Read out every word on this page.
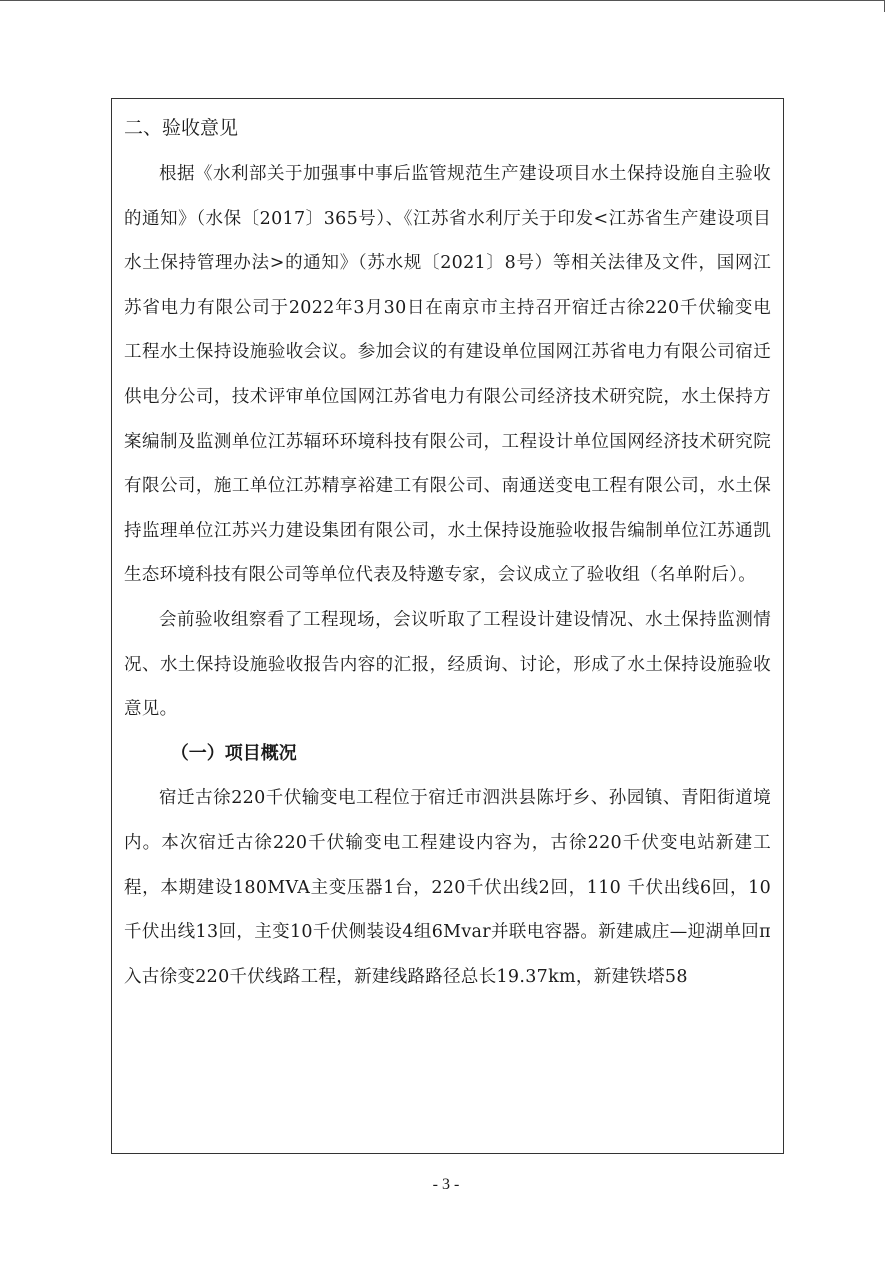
二、验收意见

根据《水利部关于加强事中事后监管规范生产建设项目水土保持设施自主验收的通知》（水保〔2017〕365号）、《江苏省水利厅关于印发<江苏省生产建设项目水土保持管理办法>的通知》（苏水规〔2021〕8号）等相关法律及文件，国网江苏省电力有限公司于2022年3月30日在南京市主持召开宿迁古徐220千伏输变电工程水土保持设施验收会议。参加会议的有建设单位国网江苏省电力有限公司宿迁供电分公司，技术评审单位国网江苏省电力有限公司经济技术研究院，水土保持方案编制及监测单位江苏辐环环境科技有限公司，工程设计单位国网经济技术研究院有限公司，施工单位江苏精享裕建工有限公司、南通送变电工程有限公司，水土保持监理单位江苏兴力建设集团有限公司，水土保持设施验收报告编制单位江苏通凯生态环境科技有限公司等单位代表及特邀专家，会议成立了验收组（名单附后）。

会前验收组察看了工程现场，会议听取了工程设计建设情况、水土保持监测情况、水土保持设施验收报告内容的汇报，经质询、讨论，形成了水土保持设施验收意见。

（一）项目概况

宿迁古徐220千伏输变电工程位于宿迁市泗洪县陈圩乡、孙园镇、青阳街道境内。本次宿迁古徐220千伏输变电工程建设内容为，古徐220千伏变电站新建工程，本期建设180MVA主变压器1台，220千伏出线2回，110 千伏出线6回，10千伏出线13回，主变10千伏侧装设4组6Mvar并联电容器。新建戚庄—迎湖单回π入古徐变220千伏线路工程，新建线路路径总长19.37km，新建铁塔58

- 3 -
